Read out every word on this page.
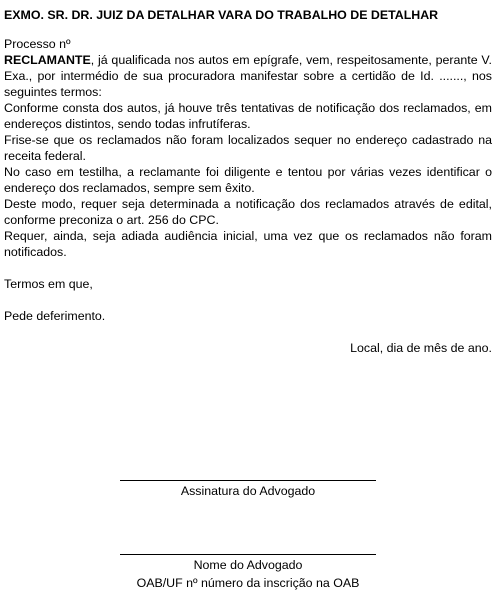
EXMO. SR. DR. JUIZ DA DETALHAR VARA DO TRABALHO DE DETALHAR
Processo nº

RECLAMANTE, já qualificada nos autos em epígrafe, vem, respeitosamente, perante V. Exa., por intermédio de sua procuradora manifestar sobre a certidão de Id. ......., nos seguintes termos:

Conforme consta dos autos, já houve três tentativas de notificação dos reclamados, em endereços distintos, sendo todas infrutíferas.

Frise-se que os reclamados não foram localizados sequer no endereço cadastrado na receita federal.

No caso em testilha, a reclamante foi diligente e tentou por várias vezes identificar o endereço dos reclamados, sempre sem êxito.

Deste modo, requer seja determinada a notificação dos reclamados através de edital, conforme preconiza o art. 256 do CPC.

Requer, ainda, seja adiada audiência inicial, uma vez que os reclamados não foram notificados.

Termos em que,
Pede deferimento.
Local, dia de mês de ano.
Assinatura do Advogado
Nome do Advogado
OAB/UF nº número da inscrição na OAB
